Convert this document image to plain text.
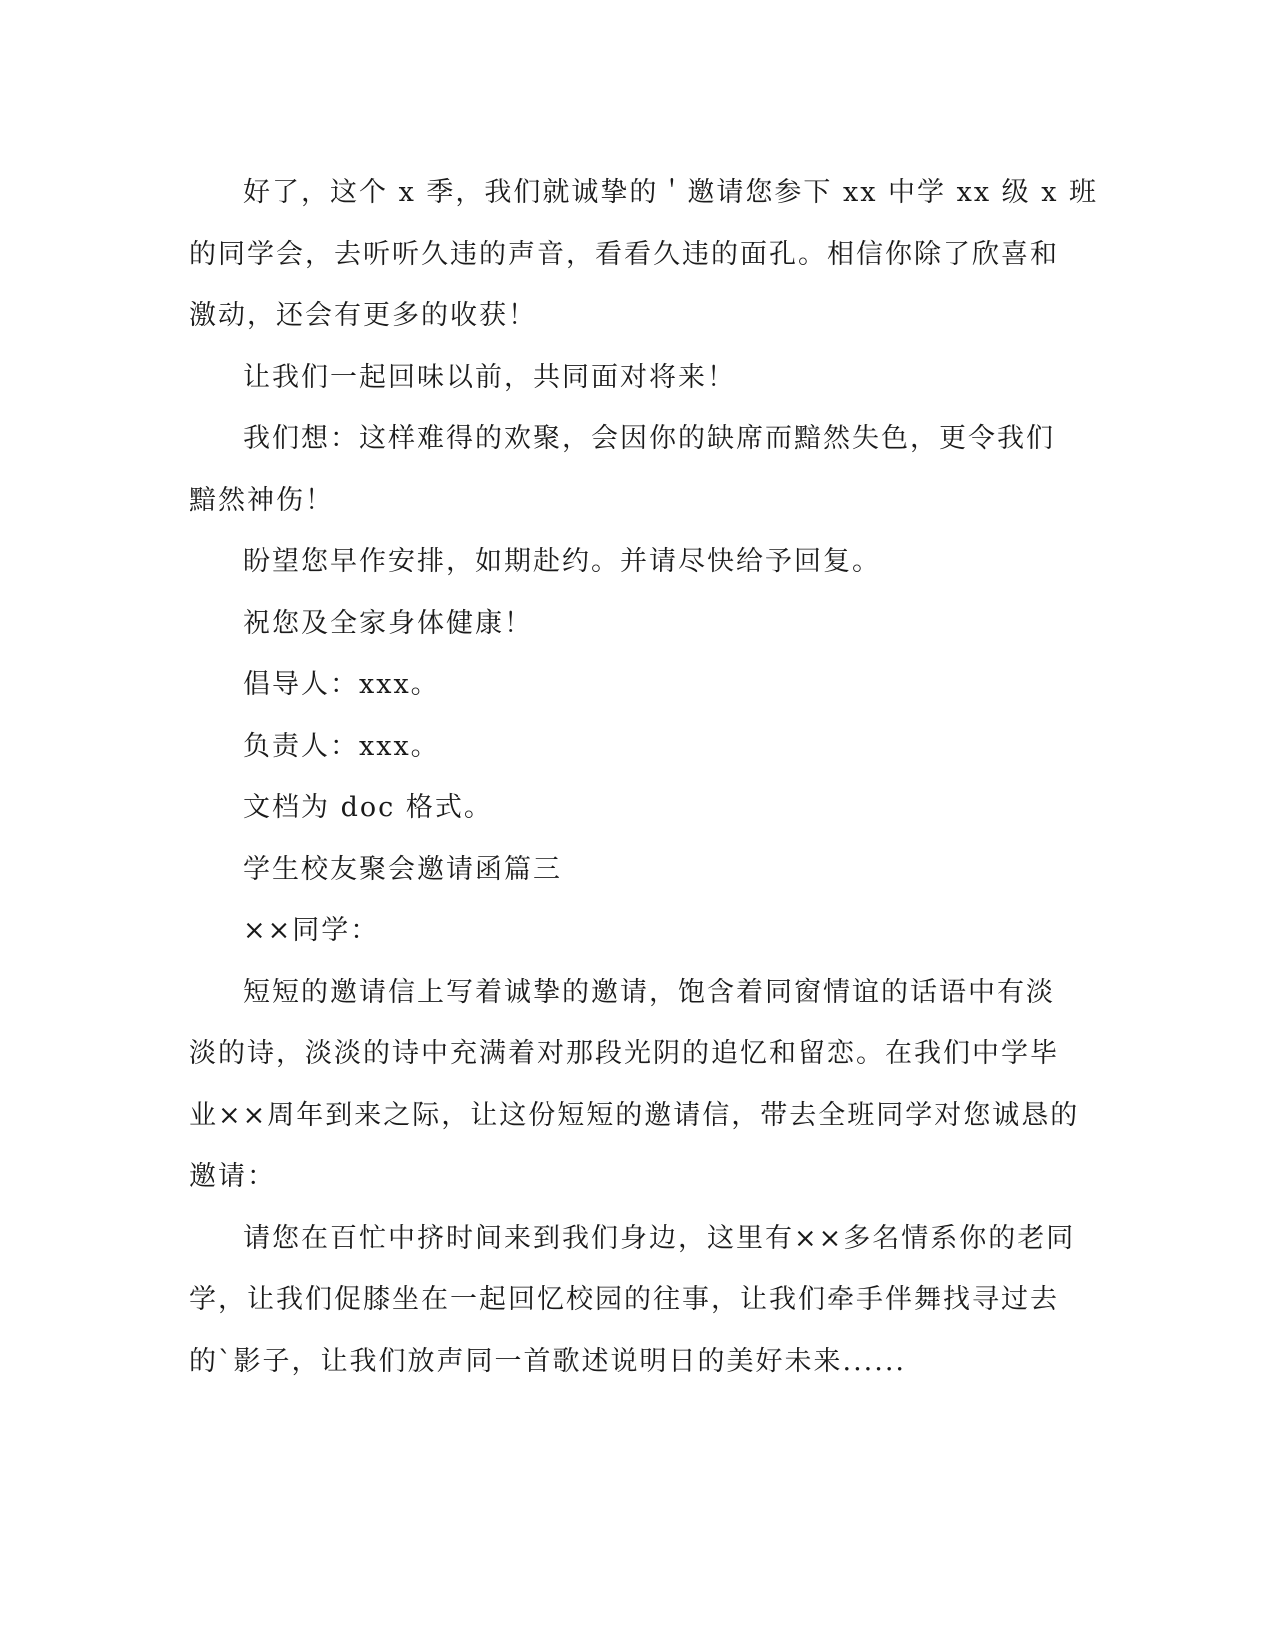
好了，这个 x 季，我们就诚挚的＇邀请您参下 xx 中学 xx 级 x 班
的同学会，去听听久违的声音，看看久违的面孔。相信你除了欣喜和
激动，还会有更多的收获！
让我们一起回味以前，共同面对将来！
我们想：这样难得的欢聚，会因你的缺席而黯然失色，更令我们
黯然神伤！
盼望您早作安排，如期赴约。并请尽快给予回复。
祝您及全家身体健康！
倡导人：xxx。
负责人：xxx。
文档为 doc 格式。
学生校友聚会邀请函篇三
××同学：
短短的邀请信上写着诚挚的邀请，饱含着同窗情谊的话语中有淡
淡的诗，淡淡的诗中充满着对那段光阴的追忆和留恋。在我们中学毕
业××周年到来之际，让这份短短的邀请信，带去全班同学对您诚恳的
邀请：
请您在百忙中挤时间来到我们身边，这里有××多名情系你的老同
学，让我们促膝坐在一起回忆校园的往事，让我们牵手伴舞找寻过去
的`影子，让我们放声同一首歌述说明日的美好未来......
